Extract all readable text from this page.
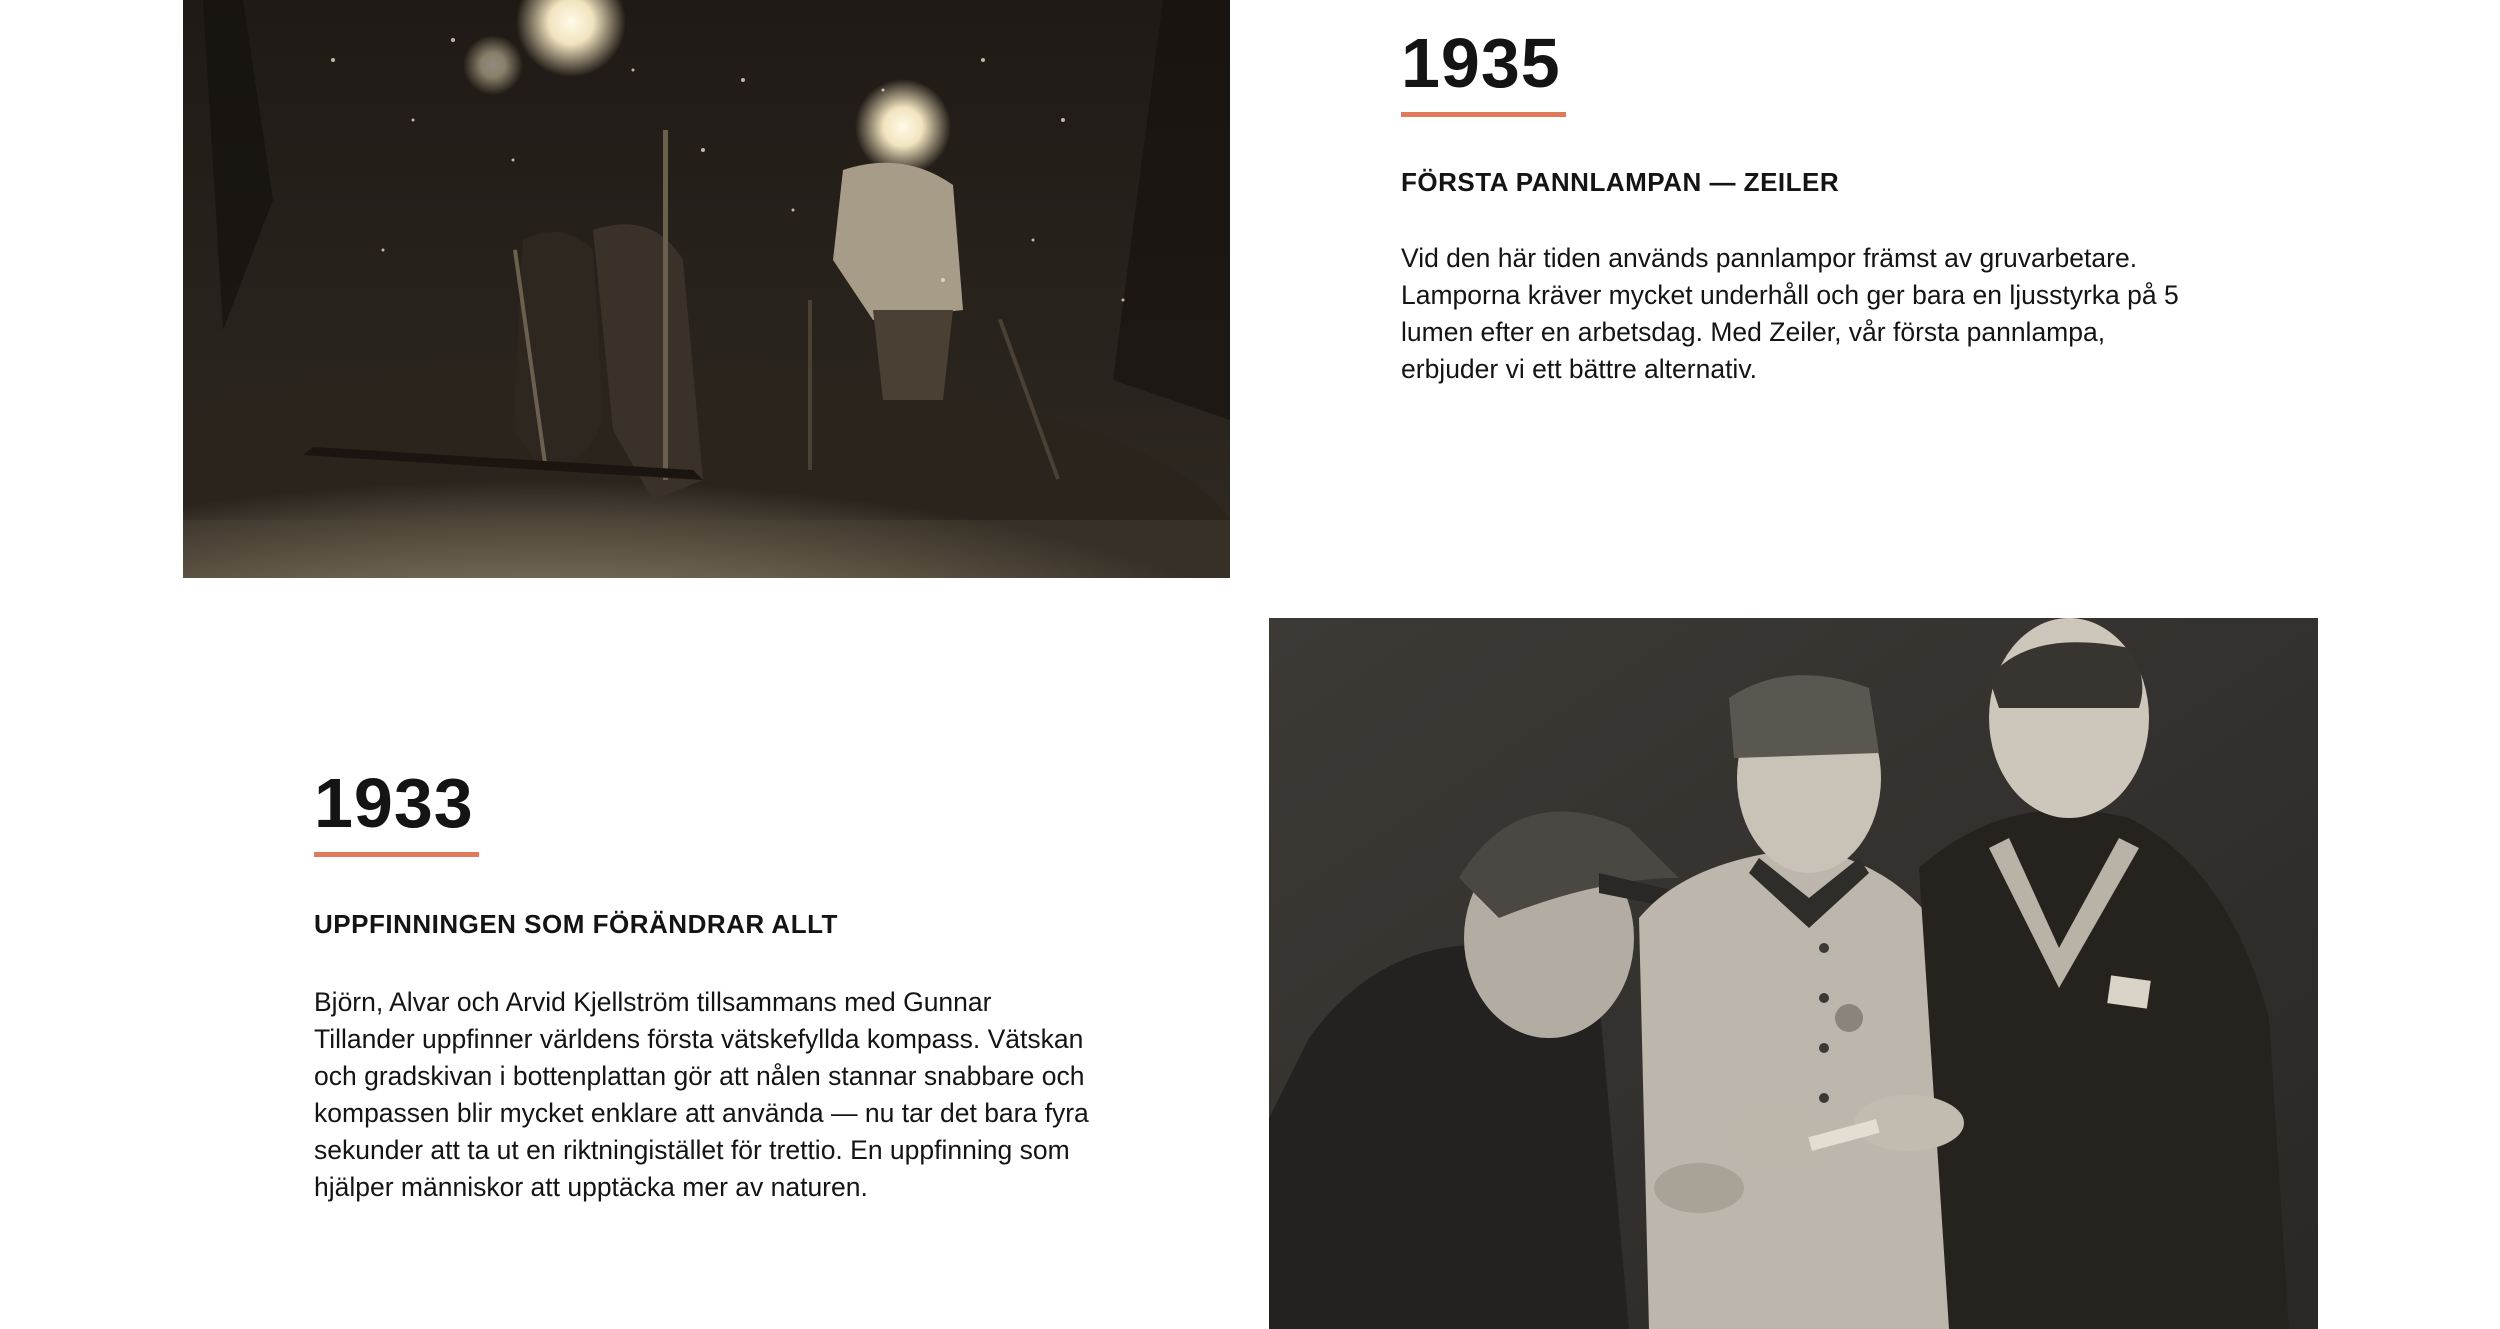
1935
FÖRSTA PANNLAMPAN — ZEILER
Vid den här tiden används pannlampor främst av gruvarbetare. Lamporna kräver mycket underhåll och ger bara en ljusstyrka på 5 lumen efter en arbetsdag. Med Zeiler, vår första pannlampa, erbjuder vi ett bättre alternativ.
1933
UPPFINNINGEN SOM FÖRÄNDRAR ALLT
Björn, Alvar och Arvid Kjellström tillsammans med Gunnar Tillander uppfinner världens första vätskefyllda kompass. Vätskan och gradskivan i bottenplattan gör att nålen stannar snabbare och kompassen blir mycket enklare att använda — nu tar det bara fyra sekunder att ta ut en riktningistället för trettio. En uppfinning som hjälper människor att upptäcka mer av naturen.
